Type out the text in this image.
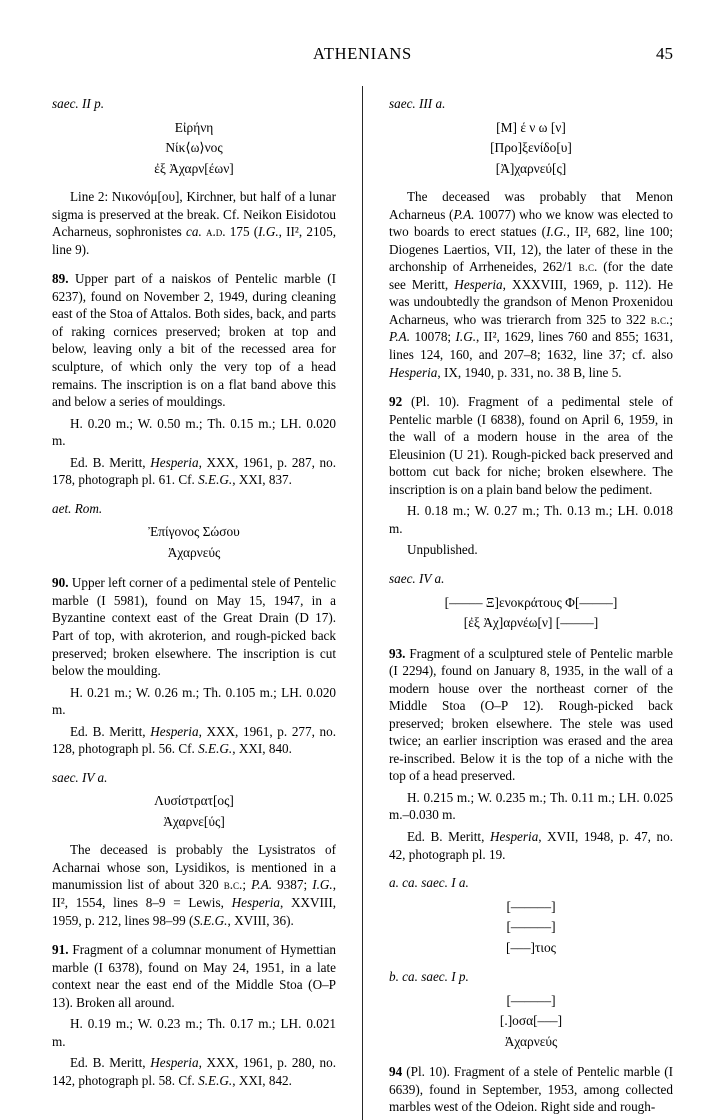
ATHENIANS	45

saec. II p.

Εἰρήνη

Νίκ⟨ω⟩νος

ἐξ Ἀχαρν[έων]

Line 2: Νικονόμ[ου], Kirchner, but half of a lunar sigma is preserved at the break. Cf. Neikon Eisidotou Acharneus, sophronistes ca. a.d. 175 (I.G., II², 2105, line 9).

89. Upper part of a naiskos of Pentelic marble (I 6237), found on November 2, 1949, during cleaning east of the Stoa of Attalos. Both sides, back, and parts of raking cornices preserved; broken at top and below, leaving only a bit of the recessed area for sculpture, of which only the very top of a head remains. The inscription is on a flat band above this and below a series of mouldings.

H. 0.20 m.; W. 0.50 m.; Th. 0.15 m.; LH. 0.020 m.

Ed. B. Meritt, Hesperia, XXX, 1961, p. 287, no. 178, photograph pl. 61. Cf. S.E.G., XXI, 837.

aet. Rom.

Ἐπίγονος Σώσου

Ἀχαρνεύς

90. Upper left corner of a pedimental stele of Pentelic marble (I 5981), found on May 15, 1947, in a Byzantine context east of the Great Drain (D 17). Part of top, with akroterion, and rough-picked back preserved; broken elsewhere. The inscription is cut below the moulding.

H. 0.21 m.; W. 0.26 m.; Th. 0.105 m.; LH. 0.020 m.

Ed. B. Meritt, Hesperia, XXX, 1961, p. 277, no. 128, photograph pl. 56. Cf. S.E.G., XXI, 840.

saec. IV a.

Λυσίστρατ[ος]

Ἀχαρνε[ύς]

The deceased is probably the Lysistratos of Acharnai whose son, Lysidikos, is mentioned in a manumission list of about 320 b.c.; P.A. 9387; I.G., II², 1554, lines 8–9 = Lewis, Hesperia, XXVIII, 1959, p. 212, lines 98–99 (S.E.G., XVIII, 36).

91. Fragment of a columnar monument of Hymettian marble (I 6378), found on May 24, 1951, in a late context near the east end of the Middle Stoa (O–P 13). Broken all around.

H. 0.19 m.; W. 0.23 m.; Th. 0.17 m.; LH. 0.021 m.

Ed. B. Meritt, Hesperia, XXX, 1961, p. 280, no. 142, photograph pl. 58. Cf. S.E.G., XXI, 842.

saec. III a.

[Μ] έ ν ω [ν]

[Προ]ξενίδο[υ]

[Ἀ]χαρνεύ[ς]

The deceased was probably that Menon Acharneus (P.A. 10077) who we know was elected to two boards to erect statues (I.G., II², 682, line 100; Diogenes Laertios, VII, 12), the later of these in the archonship of Arrheneides, 262/1 b.c. (for the date see Meritt, Hesperia, XXXVIII, 1969, p. 112). He was undoubtedly the grandson of Menon Proxenidou Acharneus, who was trierarch from 325 to 322 b.c.; P.A. 10078; I.G., II², 1629, lines 760 and 855; 1631, lines 124, 160, and 207–8; 1632, line 37; cf. also Hesperia, IX, 1940, p. 331, no. 38 B, line 5.

92 (Pl. 10). Fragment of a pedimental stele of Pentelic marble (I 6838), found on April 6, 1959, in the wall of a modern house in the area of the Eleusinion (U 21). Rough-picked back preserved and bottom cut back for niche; broken elsewhere. The inscription is on a plain band below the pediment.

H. 0.18 m.; W. 0.27 m.; Th. 0.13 m.; LH. 0.018 m.

Unpublished.

saec. IV a.

[––––– Ξ]ενοκράτους Φ[–––––]

[ἐξ Ἀχ]αρνέω[ν] [–––––]

93. Fragment of a sculptured stele of Pentelic marble (I 2294), found on January 8, 1935, in the wall of a modern house over the northeast corner of the Middle Stoa (O–P 12). Rough-picked back preserved; broken elsewhere. The stele was used twice; an earlier inscription was erased and the area re-inscribed. Below it is the top of a niche with the top of a head preserved.

H. 0.215 m.; W. 0.235 m.; Th. 0.11 m.; LH. 0.025 m.–0.030 m.

Ed. B. Meritt, Hesperia, XVII, 1948, p. 47, no. 42, photograph pl. 19.

a. ca. saec. I a.

[––––––]

[––––––]

[–––]τιος

b. ca. saec. I p.

[––––––]

[.]οσα[–––]

Ἀχαρνεύς

94 (Pl. 10). Fragment of a stele of Pentelic marble (I 6639), found in September, 1953, among collected marbles west of the Odeion. Right side and rough-
